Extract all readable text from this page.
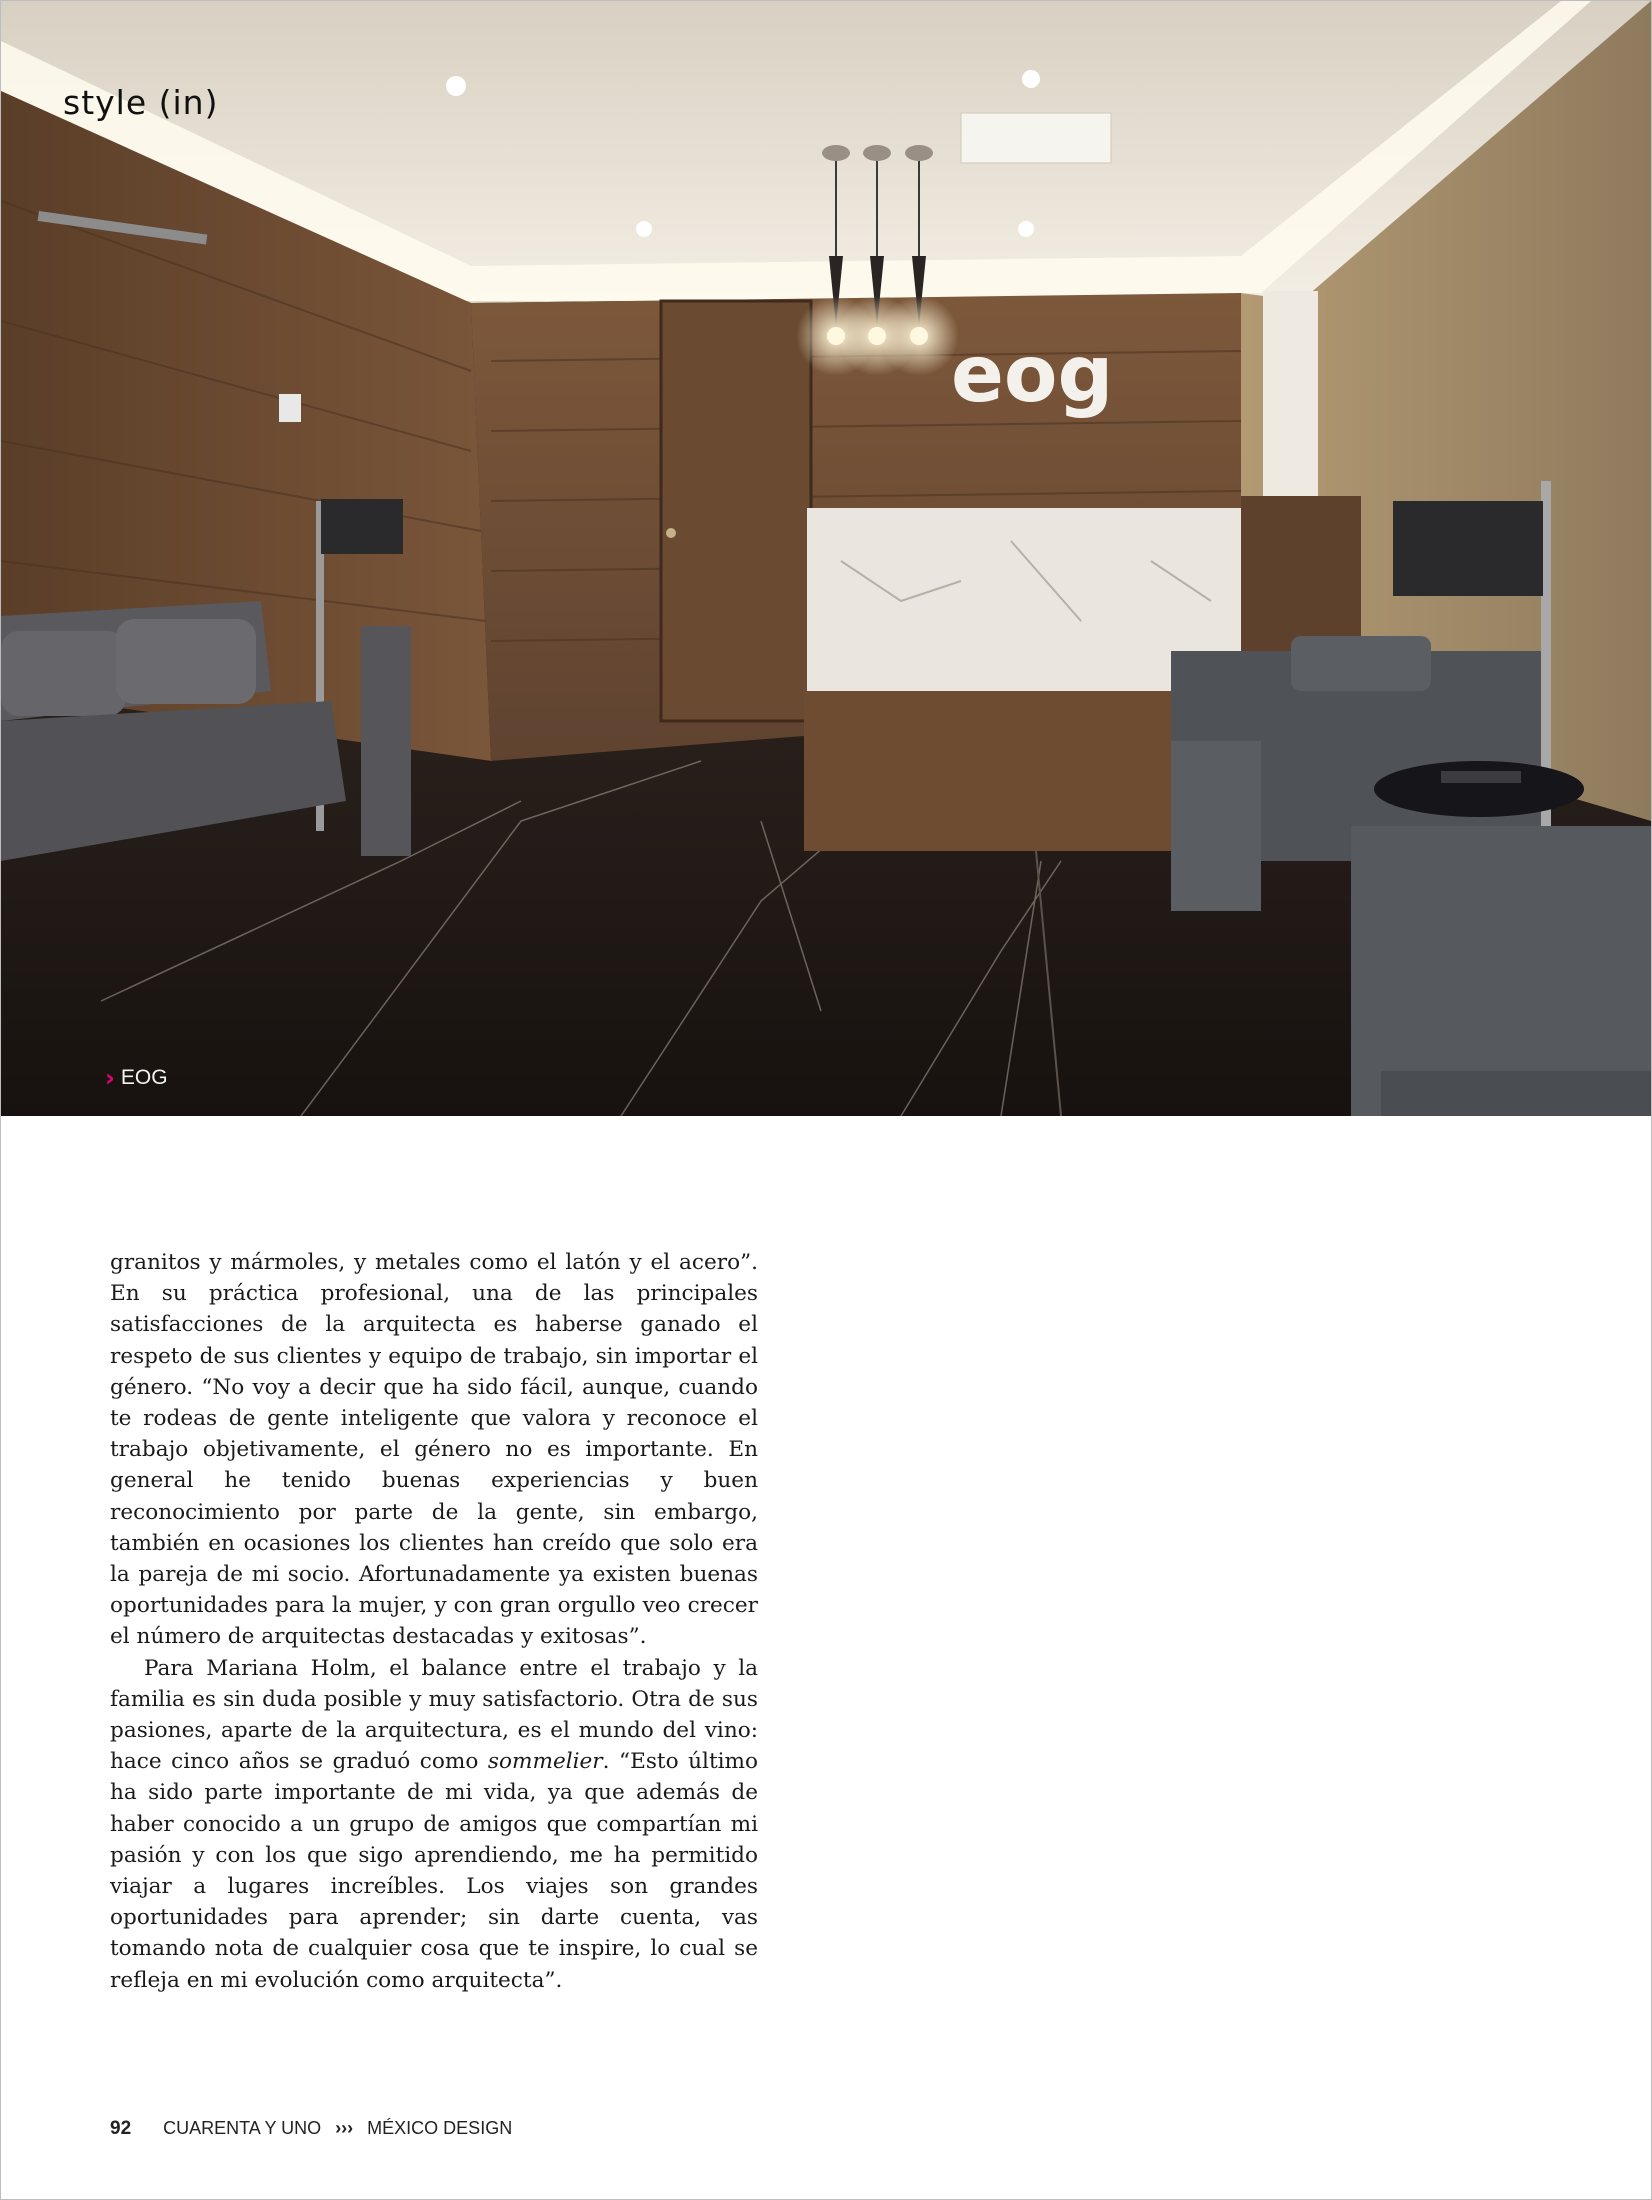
eog
style (in)
› EOG

granitos y mármoles, y metales como el latón y el acero”. En su práctica profesional, una de las principales satisfacciones de la arquitecta es haberse ganado el respeto de sus clientes y equipo de trabajo, sin importar el género. “No voy a decir que ha sido fácil, aunque, cuando te rodeas de gente inteligente que valora y reconoce el trabajo objetivamente, el género no es importante. En general he tenido buenas experiencias y buen reconocimiento por parte de la gente, sin embargo, también en ocasiones los clientes han creído que solo era la pareja de mi socio. Afortunadamente ya existen buenas oportunidades para la mujer, y con gran orgullo veo crecer el número de arquitectas destacadas y exitosas”.

Para Mariana Holm, el balance entre el trabajo y la familia es sin duda posible y muy satisfactorio. Otra de sus pasiones, aparte de la arquitectura, es el mundo del vino: hace cinco años se graduó como sommelier. “Esto último ha sido parte importante de mi vida, ya que además de haber conocido a un grupo de amigos que compartían mi pasión y con los que sigo aprendiendo, me ha permitido viajar a lugares increíbles. Los viajes son grandes oportunidades para aprender; sin darte cuenta, vas tomando nota de cualquier cosa que te inspire, lo cual se refleja en mi evolución como arquitecta”.

92 CUARENTA Y UNO ››› MÉXICO DESIGN
